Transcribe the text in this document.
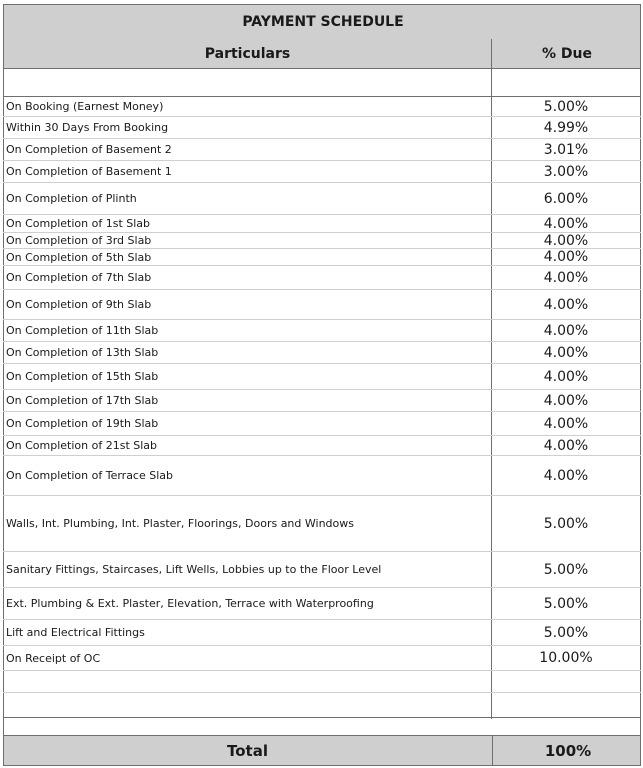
PAYMENT SCHEDULE
Particulars	% Due
On Booking (Earnest Money)	5.00%
Within 30 Days From Booking	4.99%
On Completion of Basement 2	3.01%
On Completion of Basement 1	3.00%
On Completion of Plinth	6.00%
On Completion of 1st Slab	4.00%
On Completion of 3rd Slab	4.00%
On Completion of 5th Slab	4.00%
On Completion of 7th Slab	4.00%
On Completion of 9th Slab	4.00%
On Completion of 11th Slab	4.00%
On Completion of 13th Slab	4.00%
On Completion of 15th Slab	4.00%
On Completion of 17th Slab	4.00%
On Completion of 19th Slab	4.00%
On Completion of 21st Slab	4.00%
On Completion of Terrace Slab	4.00%
Walls, Int. Plumbing, Int. Plaster, Floorings, Doors and Windows	5.00%
Sanitary Fittings, Staircases, Lift Wells, Lobbies up to the Floor Level	5.00%
Ext. Plumbing & Ext. Plaster, Elevation, Terrace with Waterproofing	5.00%
Lift and Electrical Fittings	5.00%
On Receipt of OC	10.00%
Total	100%
